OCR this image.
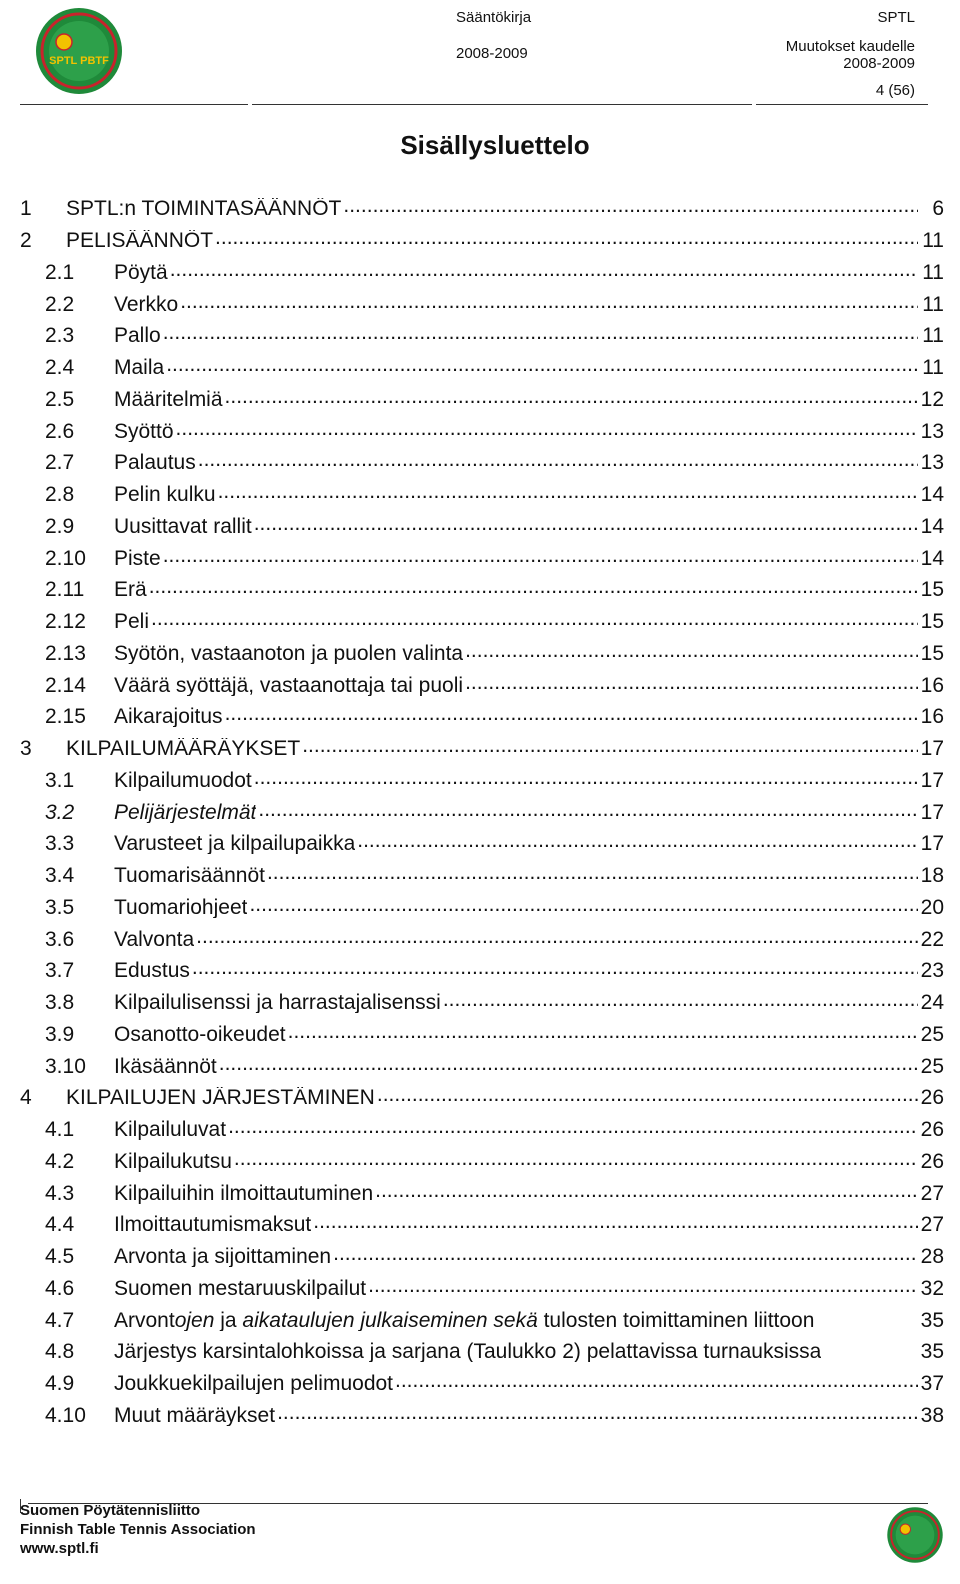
SPTL PBTF
Sääntökirja
2008-2009
SPTL
Muutokset kaudelle
2008-2009
4 (56)
Sisällysluettelo
1	SPTL:n TOIMINTASÄÄNNÖT .....	6
2	PELISÄÄNNÖT .....	11
2.1	Pöytä .....	11
2.2	Verkko .....	11
2.3	Pallo .....	11
2.4	Maila .....	11
2.5	Määritelmiä .....	12
2.6	Syöttö .....	13
2.7	Palautus .....	13
2.8	Pelin kulku .....	14
2.9	Uusittavat rallit .....	14
2.10	Piste .....	14
2.11	Erä .....	15
2.12	Peli .....	15
2.13	Syötön, vastaanoton ja puolen valinta .....	15
2.14	Väärä syöttäjä, vastaanottaja tai puoli .....	16
2.15	Aikarajoitus .....	16
3	KILPAILUMÄÄRÄYKSET .....	17
3.1	Kilpailumuodot .....	17
3.2	Pelijärjestelmät .....	17
3.3	Varusteet ja kilpailupaikka .....	17
3.4	Tuomarisäännöt .....	18
3.5	Tuomariohjeet .....	20
3.6	Valvonta .....	22
3.7	Edustus .....	23
3.8	Kilpailulisenssi ja harrastajalisenssi .....	24
3.9	Osanotto-oikeudet .....	25
3.10	Ikäsäännöt .....	25
4	KILPAILUJEN JÄRJESTÄMINEN .....	26
4.1	Kilpailuluvat .....	26
4.2	Kilpailukutsu .....	26
4.3	Kilpailuihin ilmoittautuminen .....	27
4.4	Ilmoittautumismaksut .....	27
4.5	Arvonta ja sijoittaminen .....	28
4.6	Suomen mestaruuskilpailut .....	32
4.7	Arvontojen ja aikataulujen julkaiseminen sekä tulosten toimittaminen liittoon	35
4.8	Järjestys karsintalohkoissa ja sarjana (Taulukko 2) pelattavissa turnauksissa	35
4.9	Joukkuekilpailujen pelimuodot .....	37
4.10	Muut määräykset .....	38
Suomen Pöytätennisliitto
Finnish Table Tennis Association
www.sptl.fi
